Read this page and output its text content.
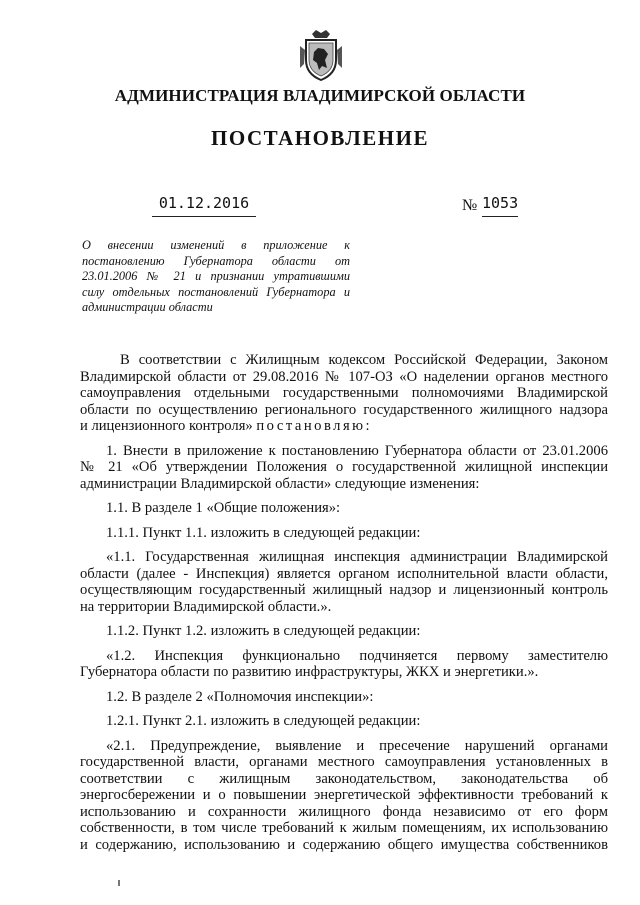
АДМИНИСТРАЦИЯ ВЛАДИМИРСКОЙ ОБЛАСТИ
ПОСТАНОВЛЕНИЕ
01.12.2016	№ 1053
О внесении изменений в приложение к
постановлению Губернатора области от
23.01.2006 № 21 и признании утратившими
силу отдельных постановлений Губернатора и
администрации области
В соответствии с Жилищным кодексом Российской Федерации, Законом
Владимирской области от 29.08.2016 № 107-ОЗ «О наделении органов местного
самоуправления отдельными государственными полномочиями Владимирской
области по осуществлению регионального государственного жилищного надзора
и лицензионного контроля» постановляю:
1. Внести в приложение к постановлению Губернатора области от 23.01.2006
№ 21 «Об утверждении Положения о государственной жилищной инспекции
администрации Владимирской области» следующие изменения:
1.1. В разделе 1 «Общие положения»:
1.1.1. Пункт 1.1. изложить в следующей редакции:
«1.1. Государственная жилищная инспекция администрации Владимирской
области (далее - Инспекция) является органом исполнительной власти области,
осуществляющим государственный жилищный надзор и лицензионный контроль
на территории Владимирской области.».
1.1.2. Пункт 1.2. изложить в следующей редакции:
«1.2. Инспекция функционально подчиняется первому заместителю
Губернатора области по развитию инфраструктуры, ЖКХ и энергетики.».
1.2. В разделе 2 «Полномочия инспекции»:
1.2.1. Пункт 2.1. изложить в следующей редакции:
«2.1. Предупреждение, выявление и пресечение нарушений органами
государственной власти, органами местного самоуправления установленных в
соответствии с жилищным законодательством, законодательства об
энергосбережении и о повышении энергетической эффективности требований к
использованию и сохранности жилищного фонда независимо от его форм
собственности, в том числе требований к жилым помещениям, их использованию
и содержанию, использованию и содержанию общего имущества собственников
